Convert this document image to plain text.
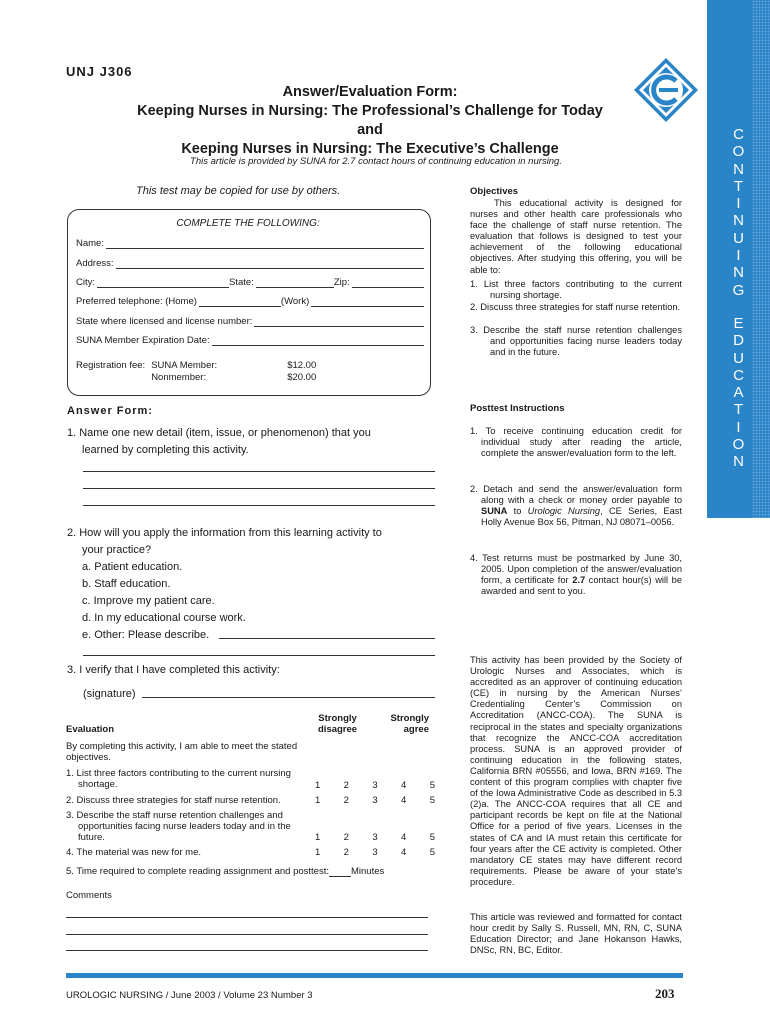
C
O
N
T
I
N
U
I
N
G
E
D
U
C
A
T
I
O
N
UNJ J306
Answer/Evaluation Form:
Keeping Nurses in Nursing: The Professional’s Challenge for Today
and
Keeping Nurses in Nursing: The Executive’s Challenge
This article is provided by SUNA for 2.7 contact hours of continuing education in nursing.
This test may be copied for use by others.
COMPLETE THE FOLLOWING:
Name:
Address:
City:	State:	Zip:
Preferred telephone: (Home)	(Work)
State where licensed and license number:
SUNA Member Expiration Date:
Registration fee:	SUNA Member:	$12.00
	Nonmember:	$20.00
Answer Form:
1. Name one new detail (item, issue, or phenomenon) that you
learned by completing this activity.
2. How will you apply the information from this learning activity to
your practice?
a. Patient education.
b. Staff education.
c. Improve my patient care.
d. In my educational course work.
e. Other: Please describe.
3. I verify that I have completed this activity:
(signature)
Evaluation
Strongly
disagree
Strongly
agree
By completing this activity, I am able to meet the stated objectives.
1. List three factors contributing to the current nursing shortage.	1 2 3 4 5
2. Discuss three strategies for staff nurse retention.	1 2 3 4 5
3. Describe the staff nurse retention challenges and opportunities facing nurse leaders today and in the future.	1 2 3 4 5
4. The material was new for me.	1 2 3 4 5
5. Time required to complete reading assignment and posttest: Minutes
Comments
Objectives
This educational activity is designed for nurses and other health care professionals who face the challenge of staff nurse retention. The evaluation that follows is designed to test your achievement of the following educational objectives. After studying this offering, you will be able to:
1. List three factors contributing to the current nursing shortage.
2. Discuss three strategies for staff nurse retention.
3. Describe the staff nurse retention challenges and opportunities facing nurse leaders today and in the future.
Posttest Instructions
1. To receive continuing education credit for individual study after reading the article, complete the answer/evaluation form to the left.
2. Detach and send the answer/evaluation form along with a check or money order payable to SUNA to Urologic Nursing, CE Series, East Holly Avenue Box 56, Pitman, NJ 08071–0056.
4. Test returns must be postmarked by June 30, 2005. Upon completion of the answer/evaluation form, a certificate for 2.7 contact hour(s) will be awarded and sent to you.
This activity has been provided by the Society of Urologic Nurses and Associates, which is accredited as an approver of continuing education (CE) in nursing by the American Nurses’ Credentialing Center’s Commission on Accreditation (ANCC-COA). The SUNA is reciprocal in the states and specialty organizations that recognize the ANCC-COA accreditation process. SUNA is an approved provider of continuing education in the following states, California BRN #05556, and Iowa, BRN #169. The content of this program complies with chapter five of the Iowa Administrative Code as described in 5.3 (2)a. The ANCC-COA requires that all CE and participant records be kept on file at the National Office for a period of five years. Licenses in the states of CA and IA must retain this certificate for four years after the CE activity is completed. Other mandatory CE states may have different record requirements. Please be aware of your state’s procedure.
This article was reviewed and formatted for contact hour credit by Sally S. Russell, MN, RN, C, SUNA Education Director; and Jane Hokanson Hawks, DNSc, RN, BC, Editor.
UROLOGIC NURSING / June 2003 / Volume 23 Number 3	203
